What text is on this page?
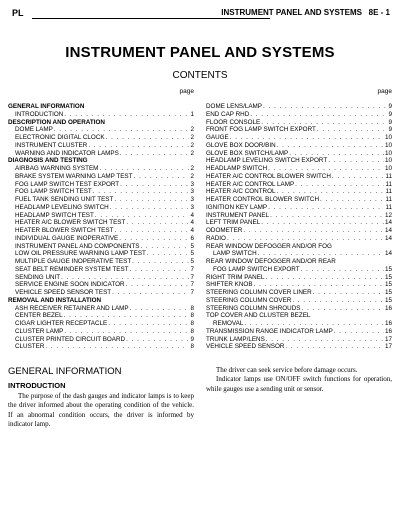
PL	INSTRUMENT PANEL AND SYSTEMS 8E - 1
INSTRUMENT PANEL AND SYSTEMS
CONTENTS
page
GENERAL INFORMATION
INTRODUCTION . . .	1
DESCRIPTION AND OPERATION
DOME LAMP . . .	2
ELECTRONIC DIGITAL CLOCK . . .	2
INSTRUMENT CLUSTER . . .	2
WARNING AND INDICATOR LAMPS . . .	2
DIAGNOSIS AND TESTING
AIRBAG WARNING SYSTEM . . .	2
BRAKE SYSTEM WARNING LAMP TEST . . .	2
FOG LAMP SWITCH TEST EXPORT . . .	3
FOG LAMP SWITCH TEST . . .	3
FUEL TANK SENDING UNIT TEST . . .	3
HEADLAMP LEVELING SWITCH . . .	3
HEADLAMP SWITCH TEST . . .	4
HEATER A/C BLOWER SWITCH TEST . . .	4
HEATER BLOWER SWITCH TEST . . .	4
INDIVIDUAL GAUGE INOPERATIVE . . .	6
INSTRUMENT PANEL AND COMPONENTS . . .	5
LOW OIL PRESSURE WARNING LAMP TEST . . .	5
MULTIPLE GAUGE INOPERATIVE TEST . . .	5
SEAT BELT REMINDER SYSTEM TEST . . .	7
SENDING UNIT . . .	7
SERVICE ENGINE SOON INDICATOR . . .	7
VEHICLE SPEED SENSOR TEST . . .	7
REMOVAL AND INSTALLATION
ASH RECEIVER RETAINER AND LAMP . . .	8
CENTER BEZEL . . .	8
CIGAR LIGHTER RECEPTACLE . . .	8
CLUSTER LAMP . . .	8
CLUSTER PRINTED CIRCUIT BOARD . . .	9
CLUSTER . . .	8
page
DOME LENS/LAMP . . .	9
END CAP RHD . . .	9
FLOOR CONSOLE . . .	9
FRONT FOG LAMP SWITCH EXPORT . . .	9
GAUGE . . .	10
GLOVE BOX DOOR/BIN . . .	10
GLOVE BOX SWITCH/LAMP . . .	10
HEADLAMP LEVELING SWITCH EXPORT . . .	10
HEADLAMP SWITCH . . .	10
HEATER A/C CONTROL BLOWER SWITCH . . .	11
HEATER A/C CONTROL LAMP . . .	11
HEATER A/C CONTROL . . .	11
HEATER CONTROL BLOWER SWITCH . . .	11
IGNITION KEY LAMP . . .	11
INSTRUMENT PANEL . . .	12
LEFT TRIM PANEL . . .	14
ODOMETER . . .	14
RADIO . . .	14
REAR WINDOW DEFOGGER AND/OR FOG
LAMP SWITCH . . .	14
REAR WINDOW DEFOGGER AND/OR REAR
FOG LAMP SWITCH EXPORT . . .	15
RIGHT TRIM PANEL . . .	15
SHIFTER KNOB . . .	15
STEERING COLUMN COVER LINER . . .	15
STEERING COLUMN COVER . . .	15
STEERING COLUMN SHROUDS . . .	16
TOP COVER AND CLUSTER BEZEL
REMOVAL . . .	16
TRANSMISSION RANGE INDICATOR LAMP . . .	16
TRUNK LAMP/LENS . . .	17
VEHICLE SPEED SENSOR . . .	17
GENERAL INFORMATION
INTRODUCTION
The purpose of the dash gauges and indicator lamps is to keep the driver informed about the operating condition of the vehicle. If an abnormal condition occurs, the driver is informed by indicator lamp.

The driver can seek service before damage occurs.

Indicator lamps use ON/OFF switch functions for operation, while gauges use a sending unit or sensor.
